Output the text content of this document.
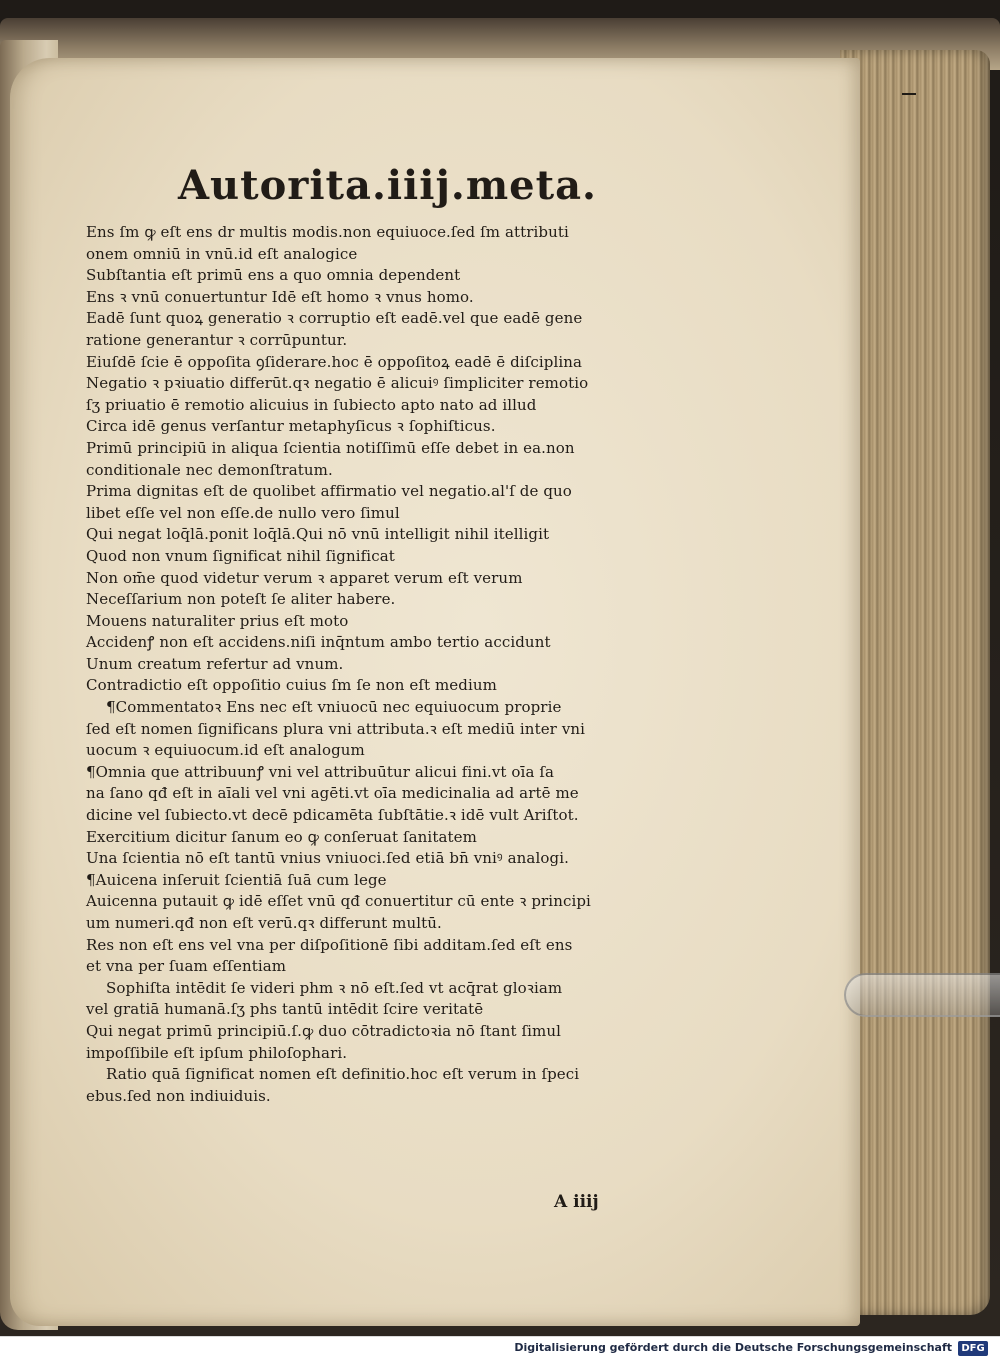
Autorita.iiij.meta.
Ens ſm ꝙ eſt ens dr multis modis.non equiuoce.ſed ſm attributi
onem omniū in vnū.id eſt analogice
Subſtantia eſt primū ens a quo omnia dependent
Ens ꝛ vnū conuertuntur Idē eſt homo ꝛ vnus homo.
Eadē ſunt quoꝝ generatio ꝛ corruptio eſt eadē.vel que eadē gene
ratione generantur ꝛ corrūpuntur.
Eiuſdē ſcie ē oppoſita ꝯſiderare.hoc ē oppoſitoꝝ eadē ē diſciplina
Negatio ꝛ pꝛiuatio differūt.qꝛ negatio ē alicuiꝰ ſimpliciter remotio
ſʒ priuatio ē remotio alicuius in ſubiecto apto nato ad illud
Circa idē genus verſantur metaphyſicus ꝛ ſophiſticus.
Primū principiū in aliqua ſcientia notiſſimū eſſe debet in ea.non
conditionale nec demonſtratum.
Prima dignitas eſt de quolibet affirmatio vel negatio.al'ſ de quo
libet eſſe vel non eſſe.de nullo vero ſimul
Qui negat loq̄lā.ponit loq̄lā.Qui nō vnū intelligit nihil itelligit
Quod non vnum ſignificat nihil ſignificat
Non om̄e quod videtur verum ꝛ apparet verum eſt verum
Neceſſarium non poteſt ſe aliter habere.
Mouens naturaliter prius eſt moto
Accidenꝭ non eſt accidens.niſi inq̄ntum ambo tertio accidunt
Unum creatum refertur ad vnum.
Contradictio eſt oppoſitio cuius ſm ſe non eſt medium
¶Commentatoꝛ Ens nec eſt vniuocū nec equiuocum proprie
ſed eſt nomen ſignificans plura vni attributa.ꝛ eſt mediū inter vni
uocum ꝛ equiuocum.id eſt analogum
¶Omnia que attribuunꝭ vni vel attribuūtur alicui fini.vt oīa ſa
na ſano qđ eſt in aīali vel vni agēti.vt oīa medicinalia ad artē me
dicine vel ſubiecto.vt decē pdicamēta ſubſtātie.ꝛ idē vult Ariſtot.
Exercitium dicitur ſanum eo ꝙ conſeruat ſanitatem
Una ſcientia nō eſt tantū vnius vniuoci.ſed etiā bn̄ vniꝰ analogi.
¶Auicena inſeruit ſcientiā ſuā cum lege
Auicenna putauit ꝙ idē eſſet vnū qđ conuertitur cū ente ꝛ principi
um numeri.qđ non eſt verū.qꝛ differunt multū.
Res non eſt ens vel vna per diſpoſitionē ſibi additam.ſed eſt ens
et vna per ſuam eſſentiam
Sophiſta intēdit ſe videri phm ꝛ nō eſt.ſed vt acq̄rat gloꝛiam
vel gratiā humanā.ſʒ phs tantū intēdit ſcire veritatē
Qui negat primū principiū.ſ.ꝙ duo cōtradictoꝛia nō ſtant ſimul
impoſſibile eſt ipſum philoſophari.
Ratio quā ſignificat nomen eſt definitio.hoc eſt verum in ſpeci
ebus.ſed non indiuiduis.
A iiij
Digitalisierung gefördert durch die Deutsche Forschungsgemeinschaft DFG
